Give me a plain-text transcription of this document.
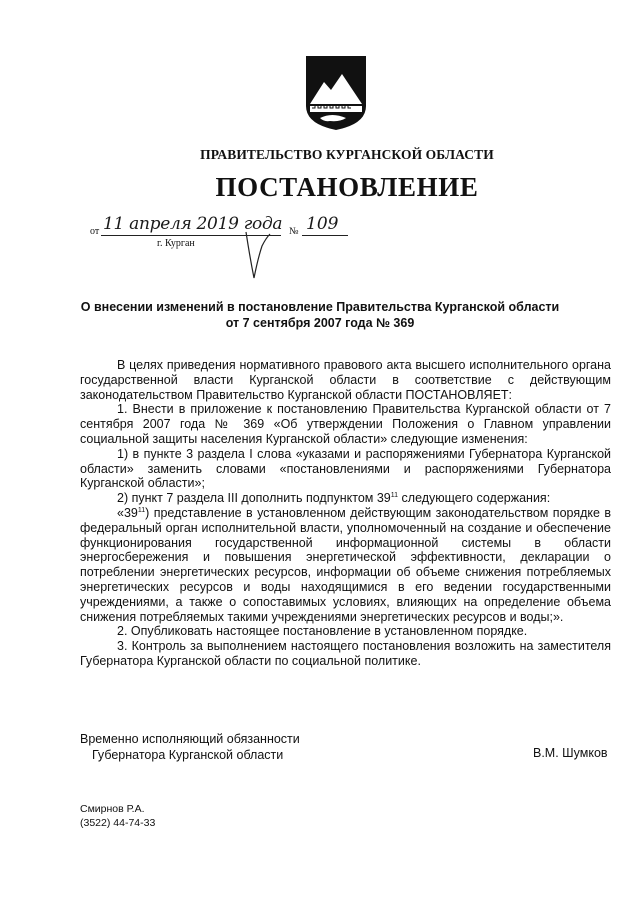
ПРАВИТЕЛЬСТВО КУРГАНСКОЙ ОБЛАСТИ
ПОСТАНОВЛЕНИЕ
от 11 апреля 2019 года № 109
г. Курган
О внесении изменений в постановление Правительства Курганской области
от 7 сентября 2007 года № 369

В целях приведения нормативного правового акта высшего исполнительного органа государственной власти Курганской области в соответствие с действующим законодательством Правительство Курганской области ПОСТАНОВЛЯЕТ:

1. Внести в приложение к постановлению Правительства Курганской области от 7 сентября 2007 года № 369 «Об утверждении Положения о Главном управлении социальной защиты населения Курганской области» следующие изменения:

1) в пункте 3 раздела I слова «указами и распоряжениями Губернатора Курганской области» заменить словами «постановлениями и распоряжениями Губернатора Курганской области»;

2) пункт 7 раздела III дополнить подпунктом $39^{11}$ следующего содержания:

«$39^{11}$) представление в установленном действующим законодательством порядке в федеральный орган исполнительной власти, уполномоченный на создание и обеспечение функционирования государственной информационной системы в области энергосбережения и повышения энергетической эффективности, декларации о потреблении энергетических ресурсов, информации об объеме снижения потребляемых энергетических ресурсов и воды находящимися в его ведении государственными учреждениями, а также о сопоставимых условиях, влияющих на определение объема снижения потребляемых такими учреждениями энергетических ресурсов и воды;».

2. Опубликовать настоящее постановление в установленном порядке.

3. Контроль за выполнением настоящего постановления возложить на заместителя Губернатора Курганской области по социальной политике.

Временно исполняющий обязанности
Губернатора Курганской области	В.М. Шумков
Смирнов Р.А.
(3522) 44-74-33
